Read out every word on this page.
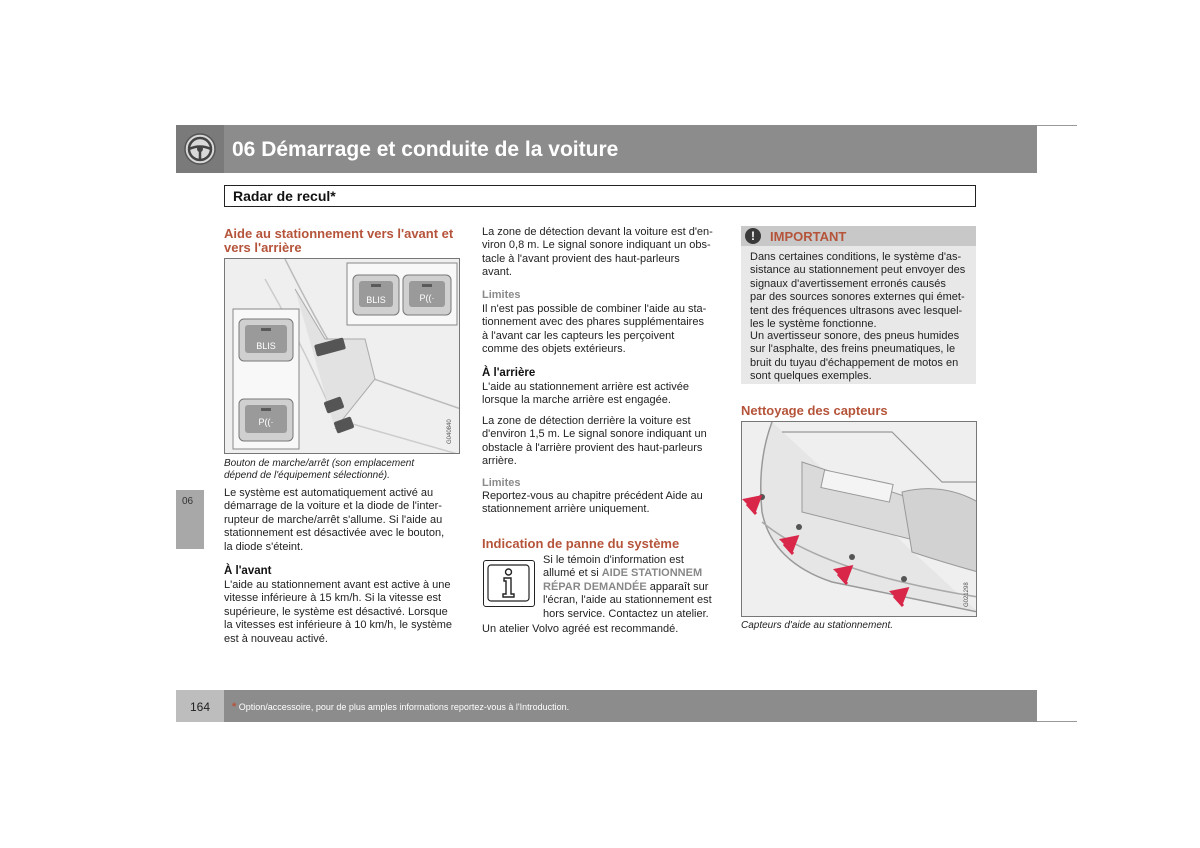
06 Démarrage et conduite de la voiture
Radar de recul*
06
Aide au stationnement vers l'avant et
vers l'arrière
BLIS	P((·
BLIS
P((·	G040840
Bouton de marche/arrêt (son emplacement
dépend de l'équipement sélectionné).
Le système est automatiquement activé au
démarrage de la voiture et la diode de l'inter-
rupteur de marche/arrêt s'allume. Si l'aide au
stationnement est désactivée avec le bouton,
la diode s'éteint.
À l'avant
L'aide au stationnement avant est active à une
vitesse inférieure à 15 km/h. Si la vitesse est
supérieure, le système est désactivé. Lorsque
la vitesses est inférieure à 10 km/h, le système
est à nouveau activé.
La zone de détection devant la voiture est d'en-
viron 0,8 m. Le signal sonore indiquant un obs-
tacle à l'avant provient des haut-parleurs
avant.
Limites
Il n'est pas possible de combiner l'aide au sta-
tionnement avec des phares supplémentaires
à l'avant car les capteurs les perçoivent
comme des objets extérieurs.
À l'arrière
L'aide au stationnement arrière est activée
lorsque la marche arrière est engagée.
La zone de détection derrière la voiture est
d'environ 1,5 m. Le signal sonore indiquant un
obstacle à l'arrière provient des haut-parleurs
arrière.
Limites
Reportez-vous au chapitre précédent Aide au
stationnement arrière uniquement.
Indication de panne du système
Si le témoin d'information est
allumé et si AIDE STATIONNEM
RÉPAR DEMANDÉE apparaît sur
l'écran, l'aide au stationnement est
hors service. Contactez un atelier.
Un atelier Volvo agréé est recommandé.
!	IMPORTANT
Dans certaines conditions, le système d'as-
sistance au stationnement peut envoyer des
signaux d'avertissement erronés causés
par des sources sonores externes qui émet-
tent des fréquences ultrasons avec lesquel-
les le système fonctionne.
Un avertisseur sonore, des pneus humides
sur l'asphalte, des freins pneumatiques, le
bruit du tuyau d'échappement de motos en
sont quelques exemples.
Nettoyage des capteurs
G021298
Capteurs d'aide au stationnement.
164 * Option/accessoire, pour de plus amples informations reportez-vous à l'Introduction.
